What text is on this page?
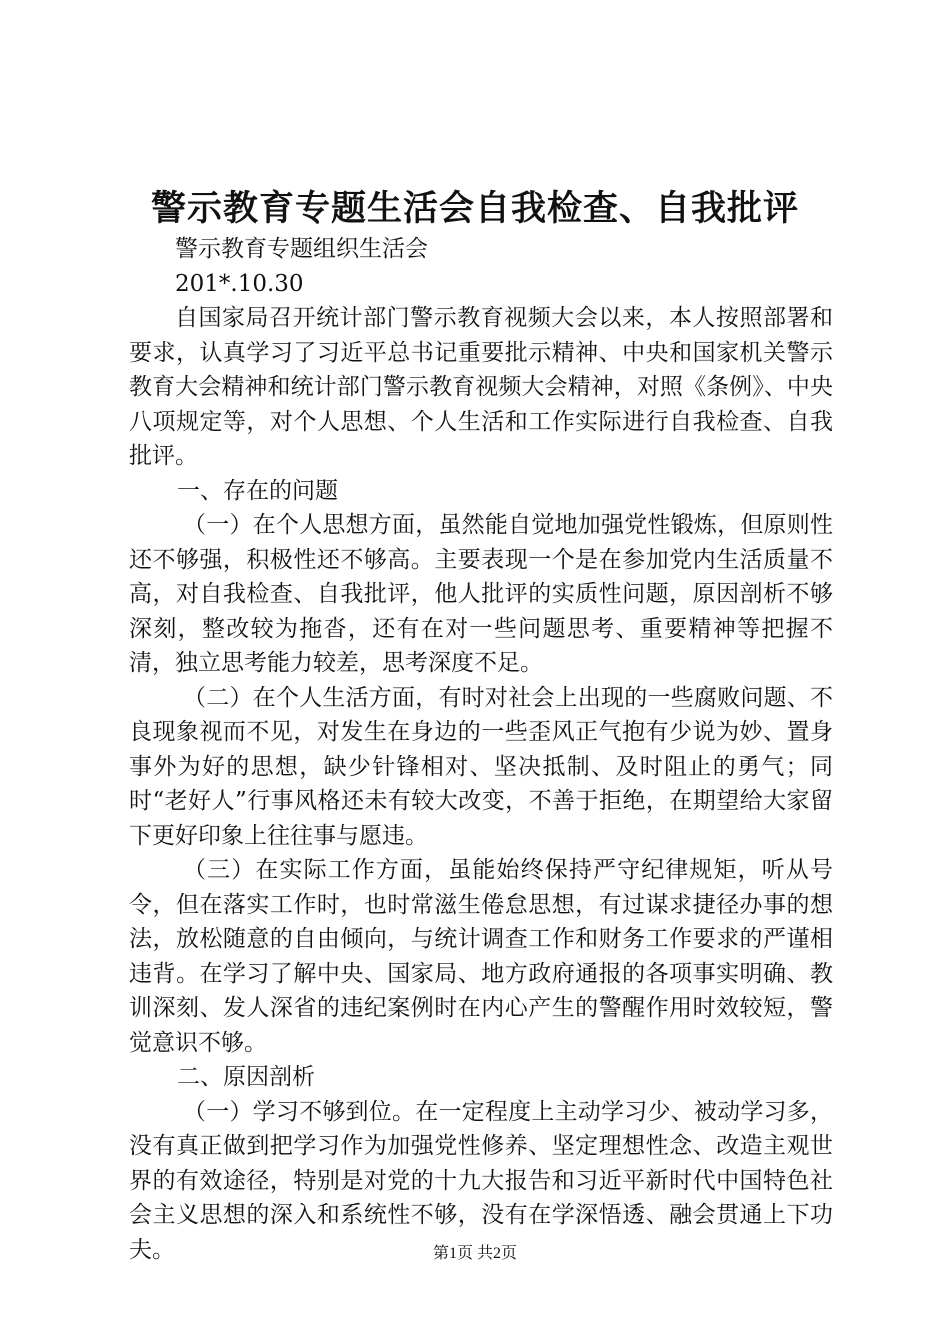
警示教育专题生活会自我检查、自我批评

警示教育专题组织生活会

201*.10.30

自国家局召开统计部门警示教育视频大会以来，本人按照部署和要求，认真学习了习近平总书记重要批示精神、中央和国家机关警示教育大会精神和统计部门警示教育视频大会精神，对照《条例》、中央八项规定等，对个人思想、个人生活和工作实际进行自我检查、自我批评。

一、存在的问题

（一）在个人思想方面，虽然能自觉地加强党性锻炼，但原则性还不够强，积极性还不够高。主要表现一个是在参加党内生活质量不高，对自我检查、自我批评，他人批评的实质性问题，原因剖析不够深刻，整改较为拖沓，还有在对一些问题思考、重要精神等把握不清，独立思考能力较差，思考深度不足。

（二）在个人生活方面，有时对社会上出现的一些腐败问题、不良现象视而不见，对发生在身边的一些歪风正气抱有少说为妙、置身事外为好的思想，缺少针锋相对、坚决抵制、及时阻止的勇气；同时“老好人”行事风格还未有较大改变，不善于拒绝，在期望给大家留下更好印象上往往事与愿违。

（三）在实际工作方面，虽能始终保持严守纪律规矩，听从号令，但在落实工作时，也时常滋生倦怠思想，有过谋求捷径办事的想法，放松随意的自由倾向，与统计调查工作和财务工作要求的严谨相违背。在学习了解中央、国家局、地方政府通报的各项事实明确、教训深刻、发人深省的违纪案例时在内心产生的警醒作用时效较短，警觉意识不够。

二、原因剖析

（一）学习不够到位。在一定程度上主动学习少、被动学习多，没有真正做到把学习作为加强党性修养、坚定理想性念、改造主观世界的有效途径，特别是对党的十九大报告和习近平新时代中国特色社会主义思想的深入和系统性不够，没有在学深悟透、融会贯通上下功夫。	第1页 共2页
